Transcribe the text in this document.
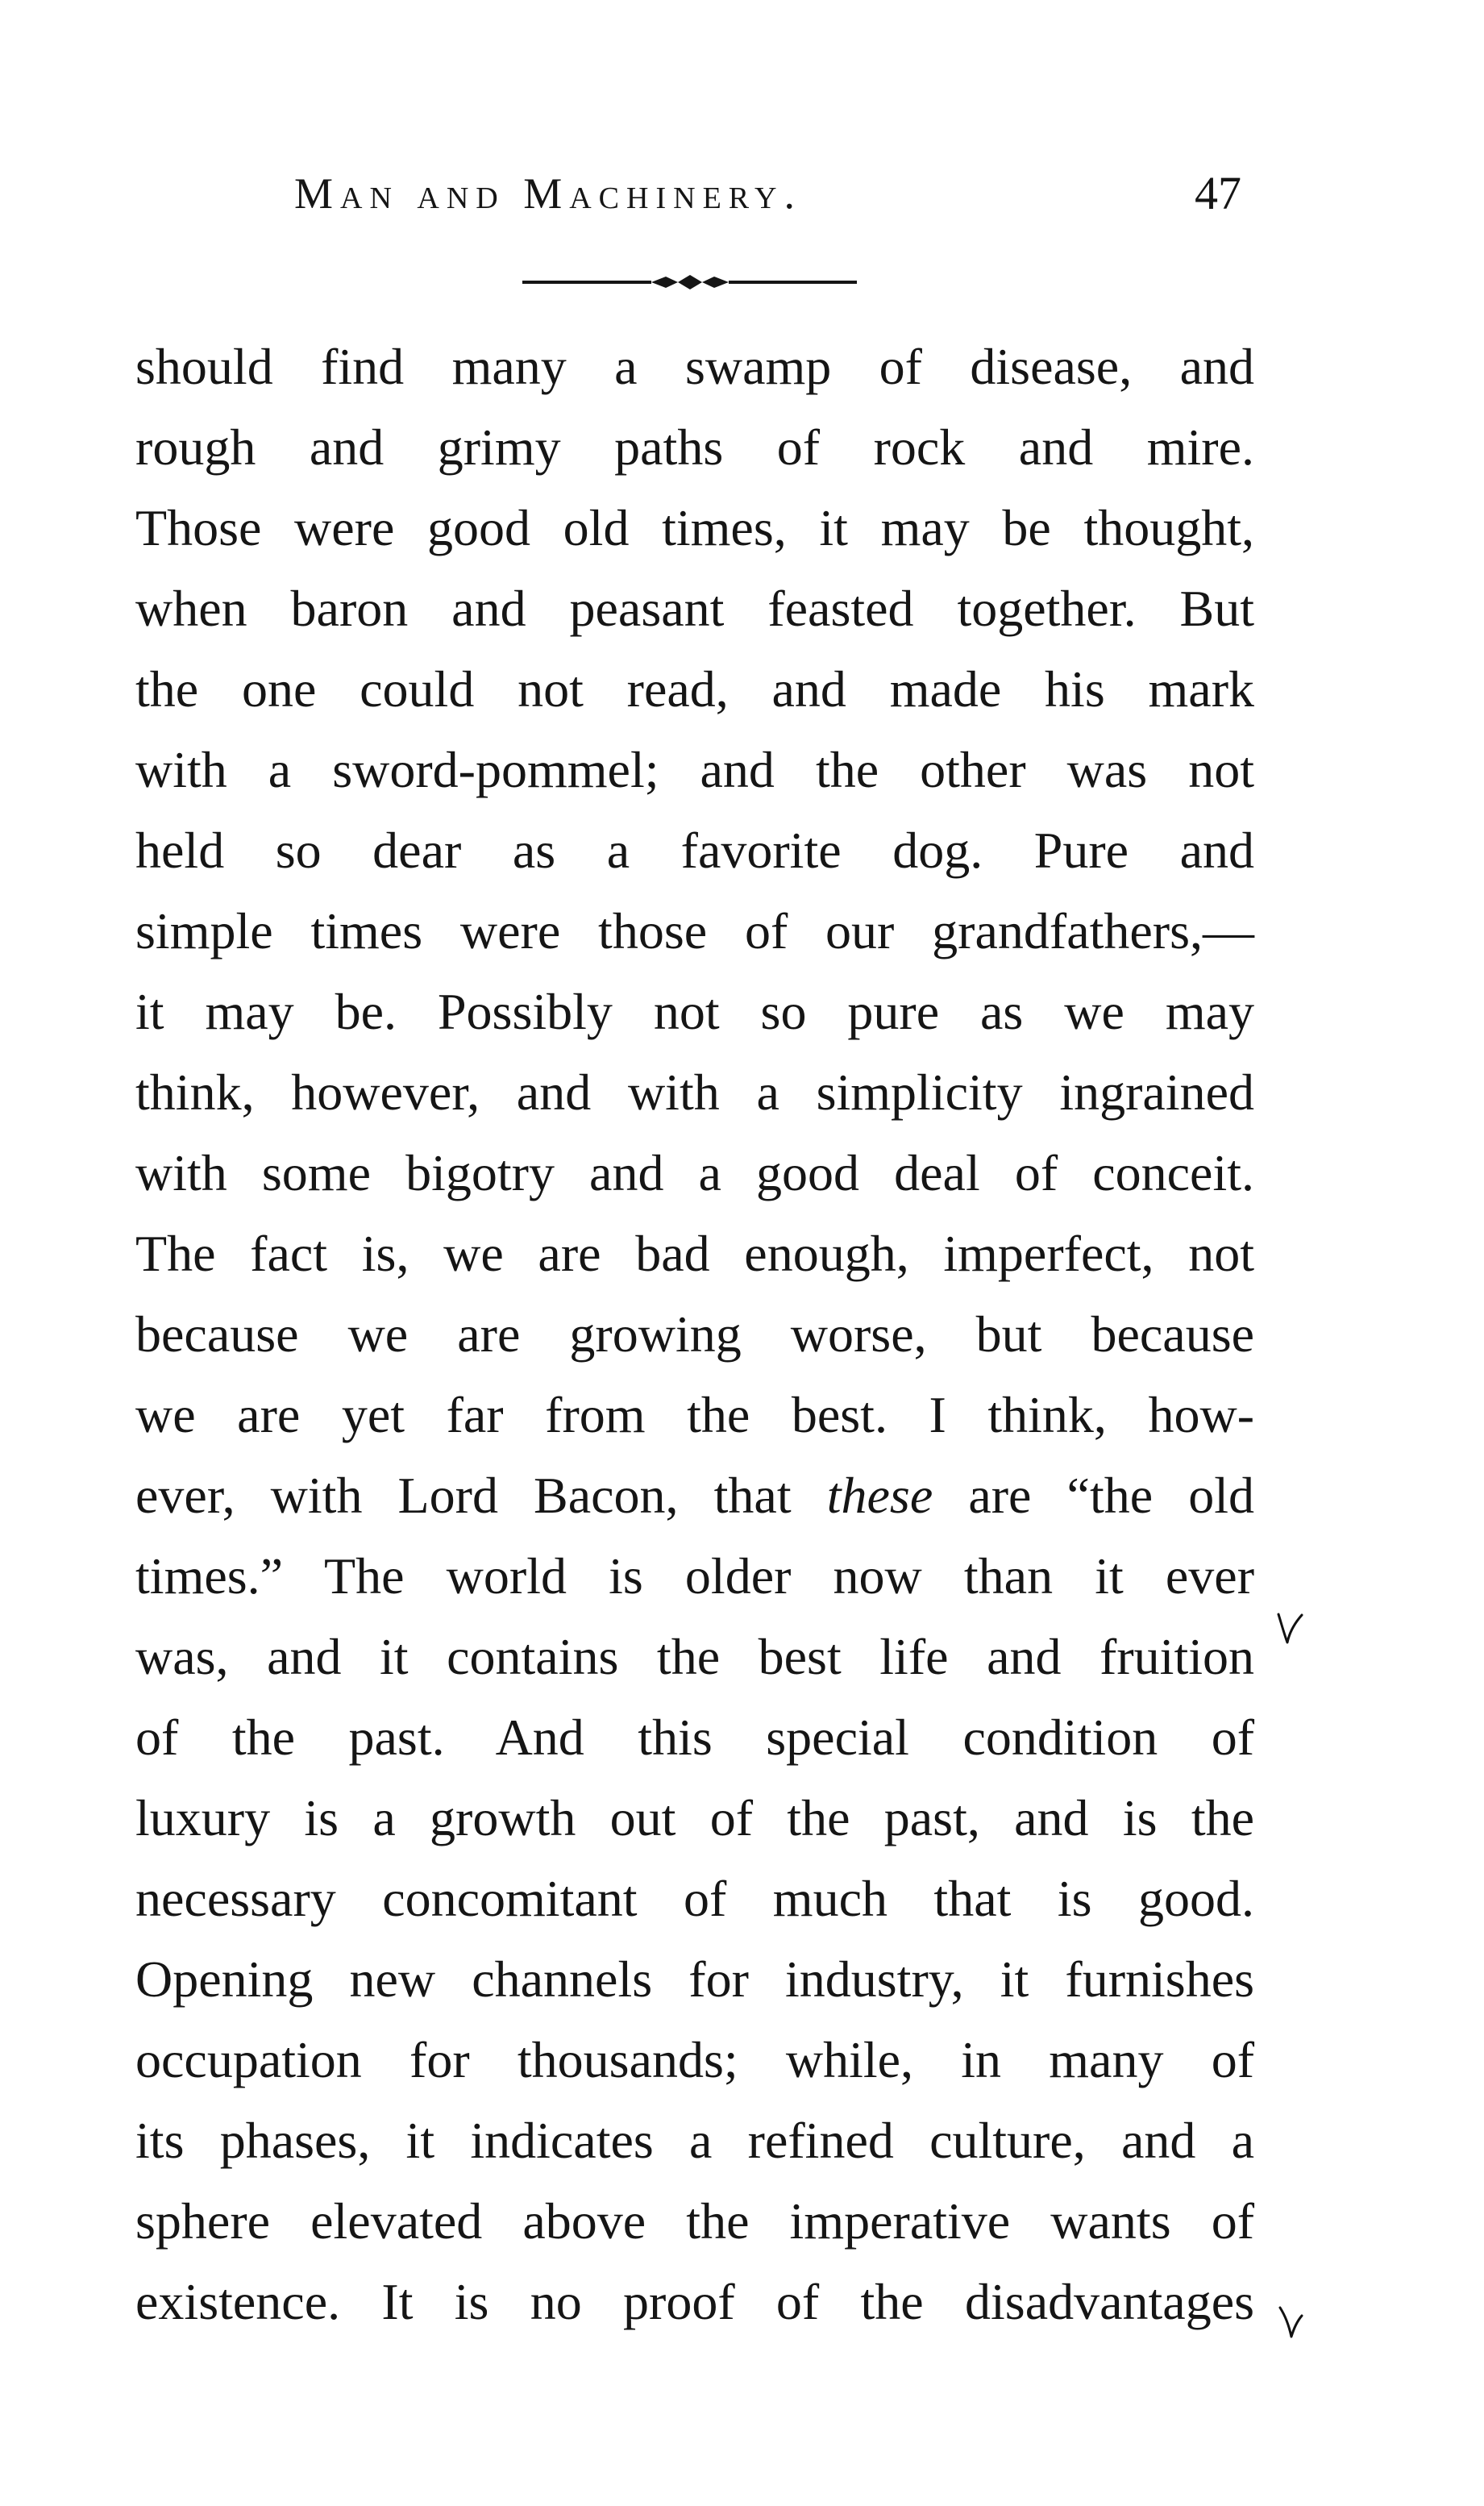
Man and Machinery.	47
should find many a swamp of disease, and
rough and grimy paths of rock and mire.
Those were good old times, it may be thought,
when baron and peasant feasted together. But
the one could not read, and made his mark
with a sword-pommel; and the other was not
held so dear as a favorite dog. Pure and
simple times were those of our grandfathers,—
it may be. Possibly not so pure as we may
think, however, and with a simplicity ingrained
with some bigotry and a good deal of conceit.
The fact is, we are bad enough, imperfect, not
because we are growing worse, but because
we are yet far from the best. I think, how-
ever, with Lord Bacon, that these are “the old
times.” The world is older now than it ever
was, and it contains the best life and fruition
of the past. And this special condition of
luxury is a growth out of the past, and is the
necessary concomitant of much that is good.
Opening new channels for industry, it furnishes
occupation for thousands; while, in many of
its phases, it indicates a refined culture, and a
sphere elevated above the imperative wants of
existence. It is no proof of the disadvantages
